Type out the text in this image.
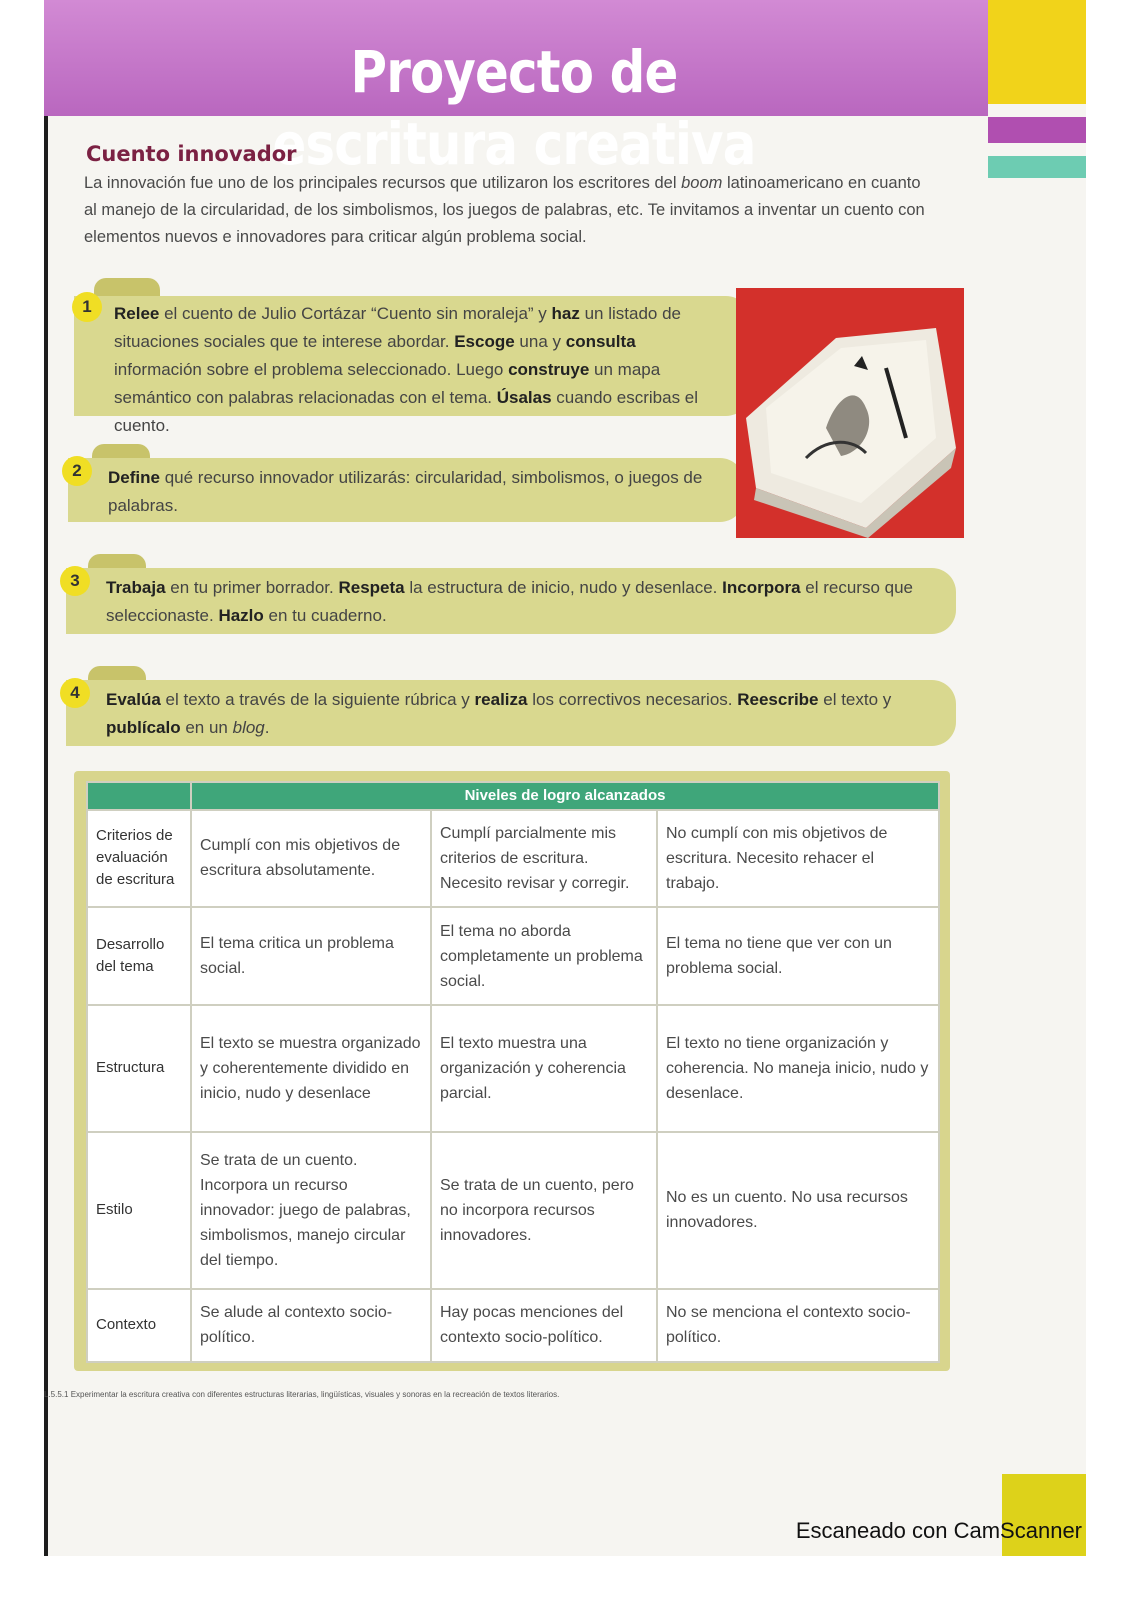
Proyecto de escritura creativa
Cuento innovador
La innovación fue uno de los principales recursos que utilizaron los escritores del boom latinoamericano en cuanto al manejo de la circularidad, de los simbolismos, los juegos de palabras, etc. Te invitamos a inventar un cuento con elementos nuevos e innovadores para criticar algún problema social.
1	Relee el cuento de Julio Cortázar “Cuento sin moraleja” y haz un listado de situaciones sociales que te interese abordar. Escoge una y consulta información sobre el problema seleccionado. Luego construye un mapa semántico con palabras relacionadas con el tema. Úsalas cuando escribas el cuento.
2	Define qué recurso innovador utilizarás: circularidad, simbolismos, o juegos de palabras.
3	Trabaja en tu primer borrador. Respeta la estructura de inicio, nudo y desenlace. Incorpora el recurso que seleccionaste. Hazlo en tu cuaderno.
4	Evalúa el texto a través de la siguiente rúbrica y realiza los correctivos necesarios. Reescribe el texto y publícalo en un blog.
	Niveles de logro alcanzados		
Criterios de evaluación de escritura	Cumplí con mis objetivos de escritura absolutamente.	Cumplí parcialmente mis criterios de escritura. Necesito revisar y corregir.	No cumplí con mis objetivos de escritura. Necesito rehacer el trabajo.
Desarrollo del tema	El tema critica un problema social.	El tema no aborda completamente un problema social.	El tema no tiene que ver con un problema social.
Estructura	El texto se muestra organizado y coherentemente dividido en inicio, nudo y desenlace	El texto muestra una organización y coherencia parcial.	El texto no tiene organización y coherencia. No maneja inicio, nudo y desenlace.
Estilo	Se trata de un cuento. Incorpora un recurso innovador: juego de palabras, simbolismos, manejo circular del tiempo.	Se trata de un cuento, pero no incorpora recursos innovadores.	No es un cuento. No usa recursos innovadores.
Contexto	Se alude al contexto socio-político.	Hay pocas menciones del contexto socio-político.	No se menciona el contexto socio-político.
L.5.5.1 Experimentar la escritura creativa con diferentes estructuras literarias, lingüísticas, visuales y sonoras en la recreación de textos literarios.
Escaneado con CamScanner
